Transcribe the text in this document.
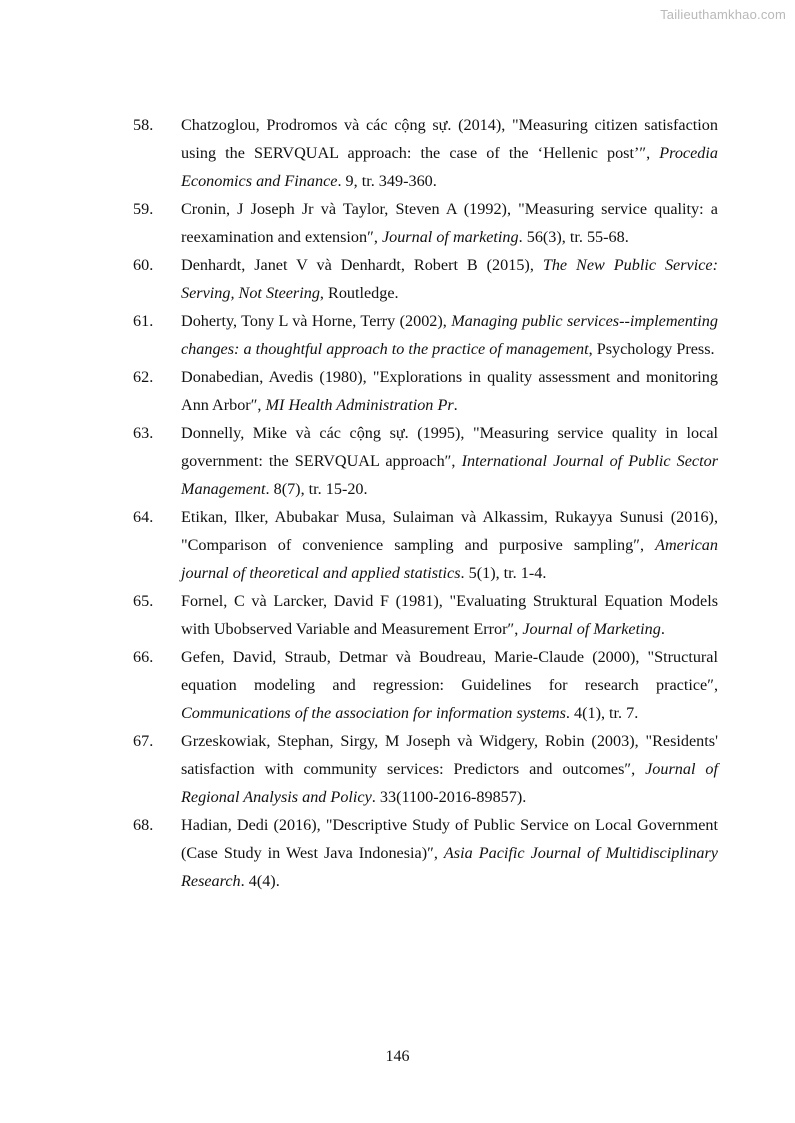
Tailieuthamkhao.com
58.	Chatzoglou, Prodromos và các cộng sự. (2014), "Measuring citizen satisfaction using the SERVQUAL approach: the case of the ‘Hellenic post’″, Procedia Economics and Finance. 9, tr. 349-360.
59.	Cronin, J Joseph Jr và Taylor, Steven A (1992), "Measuring service quality: a reexamination and extension″, Journal of marketing. 56(3), tr. 55-68.
60.	Denhardt, Janet V và Denhardt, Robert B (2015), The New Public Service: Serving, Not Steering, Routledge.
61.	Doherty, Tony L và Horne, Terry (2002), Managing public services--implementing changes: a thoughtful approach to the practice of management, Psychology Press.
62.	Donabedian, Avedis (1980), "Explorations in quality assessment and monitoring Ann Arbor″, MI Health Administration Pr.
63.	Donnelly, Mike và các cộng sự. (1995), "Measuring service quality in local government: the SERVQUAL approach″, International Journal of Public Sector Management. 8(7), tr. 15-20.
64.	Etikan, Ilker, Abubakar Musa, Sulaiman và Alkassim, Rukayya Sunusi (2016), "Comparison of convenience sampling and purposive sampling″, American journal of theoretical and applied statistics. 5(1), tr. 1-4.
65.	Fornel, C và Larcker, David F (1981), "Evaluating Struktural Equation Models with Ubobserved Variable and Measurement Error″, Journal of Marketing.
66.	Gefen, David, Straub, Detmar và Boudreau, Marie-Claude (2000), "Structural equation modeling and regression: Guidelines for research practice″, Communications of the association for information systems. 4(1), tr. 7.
67.	Grzeskowiak, Stephan, Sirgy, M Joseph và Widgery, Robin (2003), "Residents' satisfaction with community services: Predictors and outcomes″, Journal of Regional Analysis and Policy. 33(1100-2016-89857).
68.	Hadian, Dedi (2016), "Descriptive Study of Public Service on Local Government (Case Study in West Java Indonesia)″, Asia Pacific Journal of Multidisciplinary Research. 4(4).
146
